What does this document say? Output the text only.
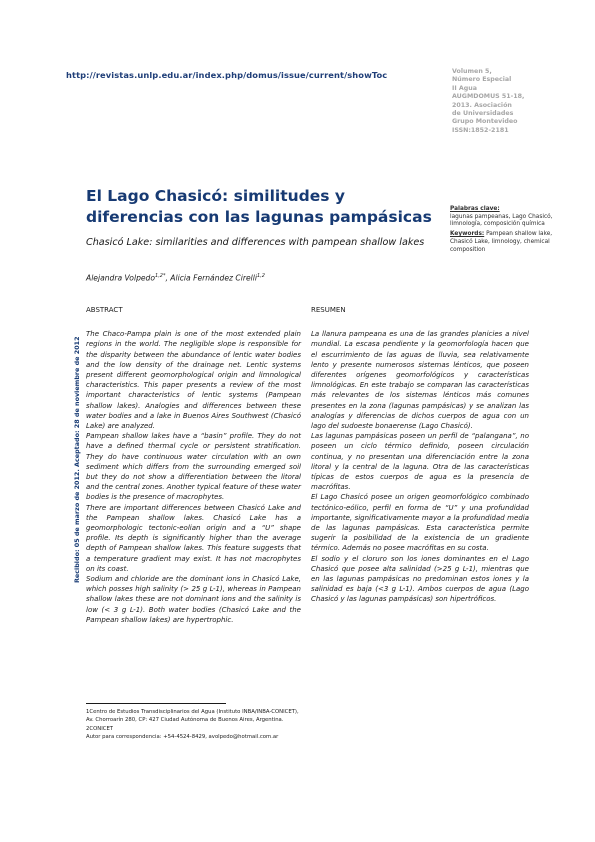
http://revistas.unlp.edu.ar/index.php/domus/issue/current/showToc	Volumen 5,
Número Especial
II Agua
AUGMDOMUS 51-18,
2013. Asociación
de Universidades
Grupo Montevideo
ISSN:1852-2181
El Lago Chasicó: similitudes y diferencias con las lagunas pampásicas
Chasicó Lake: similarities and differences with pampean shallow lakes
Alejandra Volpedo$^{1,2*}$, Alicia Fernández Cirelli$^{1,2}$
Palabras clave:
lagunas pampeanas, Lago Chasicó, limnología, composición química
Keywords: Pampean shallow lake, Chasicó Lake, limnology, chemical composition
Recibido: 05 de marzo de 2012. Aceptado: 28 de noviembre de 2012
ABSTRACT

The Chaco-Pampa plain is one of the most extended plain regions in the world. The negligible slope is responsible for the disparity between the abundance of lentic water bodies and the low density of the drainage net. Lentic systems present different geomorphological origin and limnological characteristics. This paper presents a review of the most important characteristics of lentic systems (Pampean shallow lakes). Analogies and differences between these water bodies and a lake in Buenos Aires Southwest (Chasicó Lake) are analyzed.

Pampean shallow lakes have a “basin” profile. They do not have a defined thermal cycle or persistent stratification. They do have continuous water circulation with an own sediment which differs from the surrounding emerged soil but they do not show a differentiation between the litoral and the central zones. Another typical feature of these water bodies is the presence of macrophytes.

There are important differences between Chasicó Lake and the Pampean shallow lakes. Chasicó Lake has a geomorphologic tectonic-eolian origin and a “U” shape profile. Its depth is significantly higher than the average depth of Pampean shallow lakes. This feature suggests that a temperature gradient may exist. It has not macrophytes on its coast.

Sodium and chloride are the dominant ions in Chasicó Lake, which posses high salinity (> 25 g L-1), whereas in Pampean shallow lakes these are not dominant ions and the salinity is low (< 3 g L-1). Both water bodies (Chasicó Lake and the Pampean shallow lakes) are hypertrophic.

RESUMEN

La llanura pampeana es una de las grandes planicies a nivel mundial. La escasa pendiente y la geomorfología hacen que el escurrimiento de las aguas de lluvia, sea relativamente lento y presente numerosos sistemas lénticos, que poseen diferentes orígenes geomorfológicos y características limnológicas. En este trabajo se comparan las características más relevantes de los sistemas lénticos más comunes presentes en la zona (lagunas pampásicas) y se analizan las analogías y diferencias de dichos cuerpos de agua con un lago del sudoeste bonaerense (Lago Chasicó).

Las lagunas pampásicas poseen un perfil de “palangana”, no poseen un ciclo térmico definido, poseen circulación continua, y no presentan una diferenciación entre la zona litoral y la central de la laguna. Otra de las características típicas de estos cuerpos de agua es la presencia de macrófitas.

El Lago Chasicó posee un origen geomorfológico combinado tectónico-eólico, perfil en forma de “U” y una profundidad importante, significativamente mayor a la profundidad media de las lagunas pampásicas. Esta característica permite sugerir la posibilidad de la existencia de un gradiente térmico. Además no posee macrófitas en su costa.

El sodio y el cloruro son los iones dominantes en el Lago Chasicó que posee alta salinidad (>25 g L-1), mientras que en las lagunas pampásicas no predominan estos iones y la salinidad es baja (<3 g L-1). Ambos cuerpos de agua (Lago Chasicó y las lagunas pampásicas) son hipertróficos.

1Centro de Estudios Transdisciplinarios del Agua (Instituto INBA/INBA-CONICET),

Av. Chorroarín 280, CP: 427 Ciudad Autónoma de Buenos Aires, Argentina.

2CONICET

Autor para correspondencia: +54-4524-8429, avolpedo@hotmail.com.ar
